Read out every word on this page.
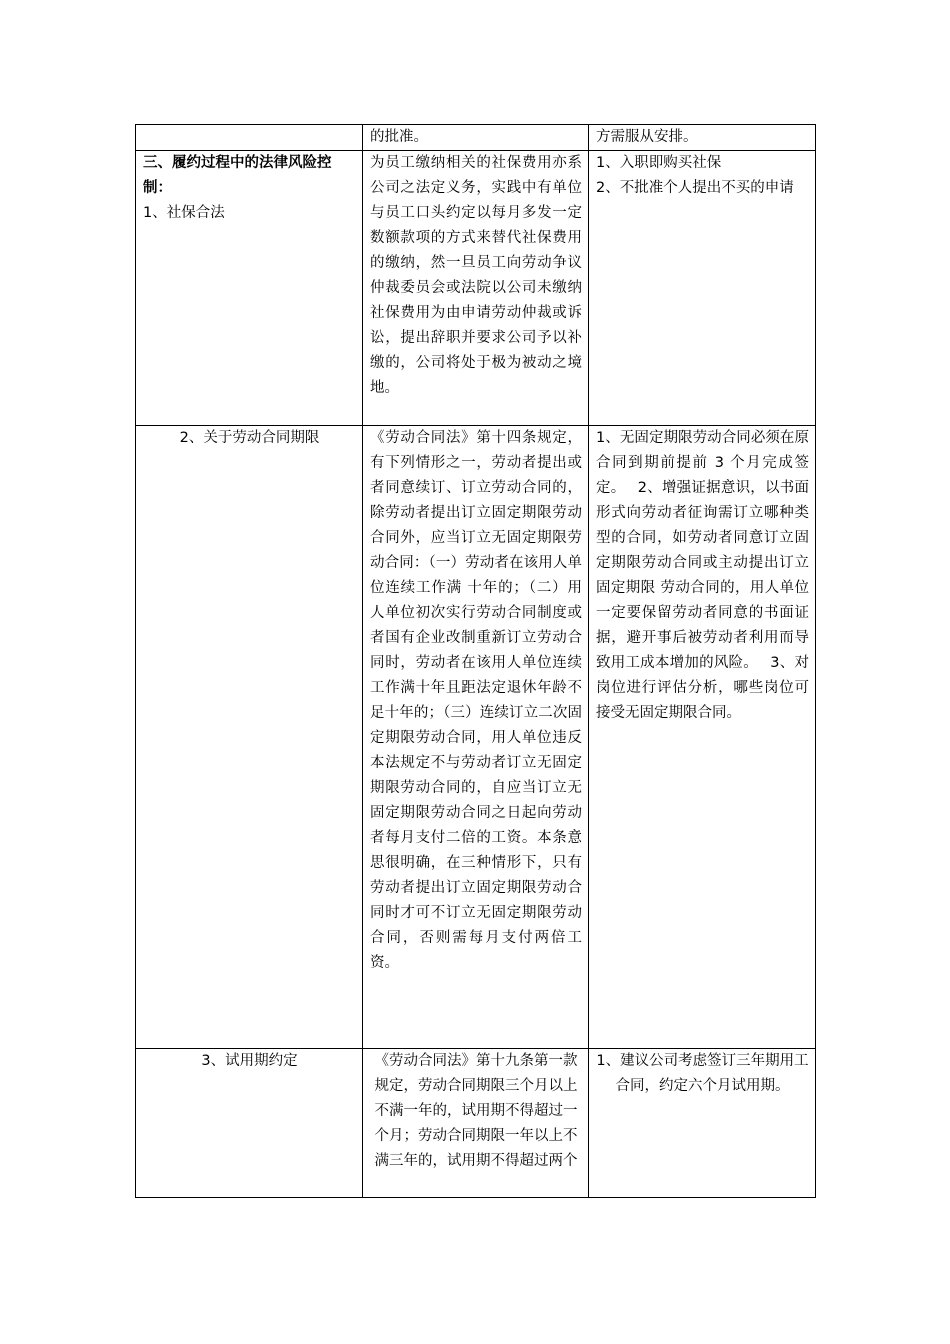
	的批准。	方需服从安排。

三、履约过程中的法律风险控制：
1、社保合法	为员工缴纳相关的社保费用亦系公司之法定义务，实践中有单位与员工口头约定以每月多发一定数额款项的方式来替代社保费用的缴纳，然一旦员工向劳动争议仲裁委员会或法院以公司未缴纳社保费用为由申请劳动仲裁或诉讼，提出辞职并要求公司予以补缴的，公司将处于极为被动之境地。	1、入职即购买社保
2、不批准个人提出不买的申请

2、关于劳动合同期限	《劳动合同法》第十四条规定，有下列情形之一，劳动者提出或者同意续订、订立劳动合同的，除劳动者提出订立固定期限劳动合同外，应当订立无固定期限劳动合同：（一）劳动者在该用人单位连续工作满 十年的；（二）用人单位初次实行劳动合同制度或者国有企业改制重新订立劳动合同时，劳动者在该用人单位连续工作满十年且距法定退休年龄不足十年的；（三）连续订立二次固定期限劳动合同，用人单位违反本法规定不与劳动者订立无固定期限劳动合同的，自应当订立无固定期限劳动合同之日起向劳动者每月支付二倍的工资。本条意思很明确，在三种情形下，只有劳动者提出订立固定期限劳动合同时才可不订立无固定期限劳动合同，否则需每月支付两倍工资。	1、无固定期限劳动合同必须在原合同到期前提前 3 个月完成签定。　 2、增强证据意识，以书面形式向劳动者征询需订立哪种类型的合同，如劳动者同意订立固定期限劳动合同或主动提出订立固定期限 劳动合同的，用人单位一定要保留劳动者同意的书面证据，避开事后被劳动者利用而导致用工成本增加的风险。　 3、对岗位进行评估分析，哪些岗位可接受无固定期限合同。
3、试用期约定	《劳动合同法》第十九条第一款规定，劳动合同期限三个月以上不满一年的，试用期不得超过一个月；劳动合同期限一年以上不满三年的，试用期不得超过两个	1、建议公司考虑签订三年期用工合同，约定六个月试用期。
